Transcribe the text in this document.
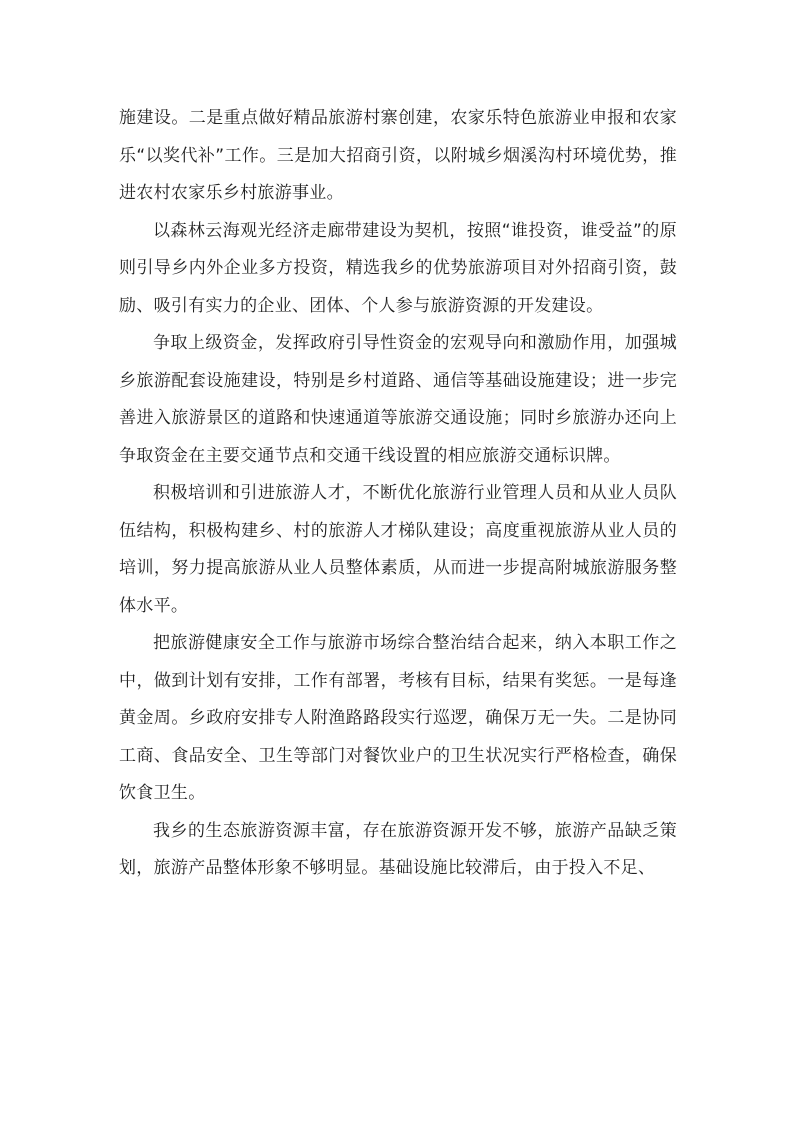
施建设。二是重点做好精品旅游村寨创建，农家乐特色旅游业申报和农家乐“以奖代补”工作。三是加大招商引资，以附城乡烟溪沟村环境优势，推进农村农家乐乡村旅游事业。

以森林云海观光经济走廊带建设为契机，按照“谁投资，谁受益”的原则引导乡内外企业多方投资，精选我乡的优势旅游项目对外招商引资，鼓励、吸引有实力的企业、团体、个人参与旅游资源的开发建设。

争取上级资金，发挥政府引导性资金的宏观导向和激励作用，加强城乡旅游配套设施建设，特别是乡村道路、通信等基础设施建设；进一步完善进入旅游景区的道路和快速通道等旅游交通设施；同时乡旅游办还向上争取资金在主要交通节点和交通干线设置的相应旅游交通标识牌。

积极培训和引进旅游人才，不断优化旅游行业管理人员和从业人员队伍结构，积极构建乡、村的旅游人才梯队建设；高度重视旅游从业人员的培训，努力提高旅游从业人员整体素质，从而进一步提高附城旅游服务整体水平。

把旅游健康安全工作与旅游市场综合整治结合起来，纳入本职工作之中，做到计划有安排，工作有部署，考核有目标，结果有奖惩。一是每逢黄金周。乡政府安排专人附渔路路段实行巡逻，确保万无一失。二是协同工商、食品安全、卫生等部门对餐饮业户的卫生状况实行严格检查，确保饮食卫生。

我乡的生态旅游资源丰富，存在旅游资源开发不够，旅游产品缺乏策划，旅游产品整体形象不够明显。基础设施比较滞后，由于投入不足、
